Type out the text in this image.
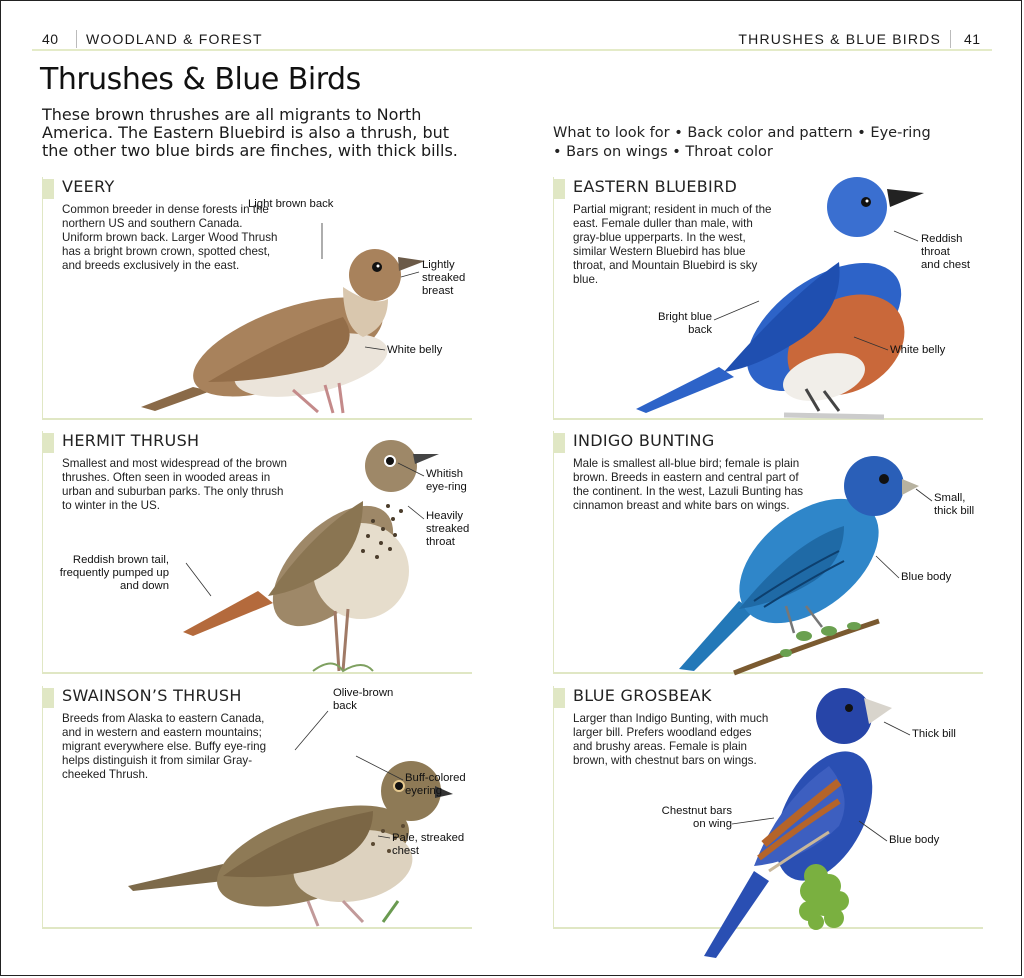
40 WOODLAND & FOREST	THRUSHES & BLUE BIRDS 41
Thrushes & Blue Birds
These brown thrushes are all migrants to North America. The Eastern Bluebird is also a thrush, but the other two blue birds are finches, with thick bills.
What to look for • Back color and pattern • Eye-ring • Bars on wings • Throat color
VEERY
Common breeder in dense forests in the northern US and southern Canada. Uniform brown back. Larger Wood Thrush has a bright brown crown, spotted chest, and breeds exclusively in the east.
Light brown back
Lightly streaked breast
White belly
EASTERN BLUEBIRD
Partial migrant; resident in much of the east. Female duller than male, with gray-blue upperparts. In the west, similar Western Bluebird has blue throat, and Mountain Bluebird is sky blue.
Reddish throat and chest
Bright blue back
White belly
HERMIT THRUSH
Smallest and most widespread of the brown thrushes. Often seen in wooded areas in urban and suburban parks. The only thrush to winter in the US.
Whitish eye-ring
Heavily streaked throat
Reddish brown tail, frequently pumped up and down
INDIGO BUNTING
Male is smallest all-blue bird; female is plain brown. Breeds in eastern and central part of the continent. In the west, Lazuli Bunting has cinnamon breast and white bars on wings.
Small, thick bill
Blue body
SWAINSON’S THRUSH
Breeds from Alaska to eastern Canada, and in western and eastern mountains; migrant everywhere else. Buffy eye-ring helps distinguish it from similar Gray-cheeked Thrush.
Olive-brown back
Buff-colored eyering
Pale, streaked chest
BLUE GROSBEAK
Larger than Indigo Bunting, with much larger bill. Prefers woodland edges and brushy areas. Female is plain brown, with chestnut bars on wings.
Thick bill
Chestnut bars on wing
Blue body
